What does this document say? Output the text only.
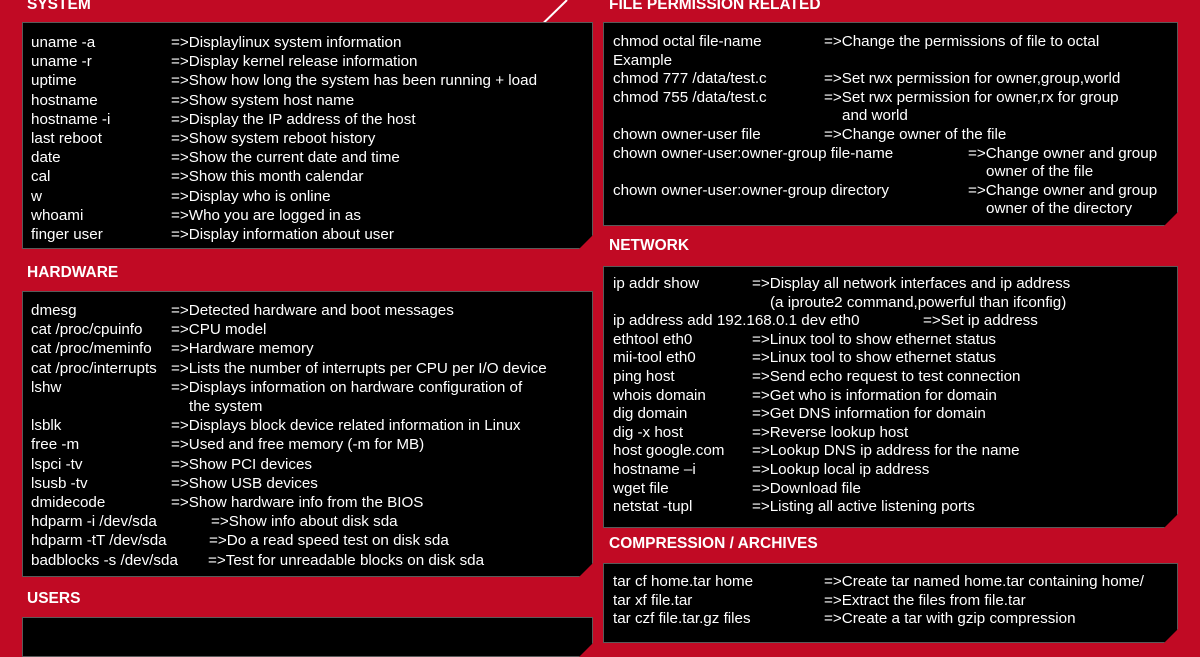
SYSTEM
HARDWARE
USERS
FILE PERMISSION RELATED
NETWORK
COMPRESSION / ARCHIVES
uname -a	=>Displaylinux system information
uname -r	=>Display kernel release information
uptime	=>Show how long the system has been running + load
hostname	=>Show system host name
hostname -i	=>Display the IP address of the host
last reboot	=>Show system reboot history
date	=>Show the current date and time
cal	=>Show this month calendar
w	=>Display who is online
whoami	=>Who you are logged in as
finger user	=>Display information about user
dmesg	=>Detected hardware and boot messages
cat /proc/cpuinfo =>CPU model
cat /proc/meminfo =>Hardware memory
cat /proc/interrupts =>Lists the number of interrupts per CPU per I/O device
lshw	=>Displays information on hardware configuration of
the system
lsblk	=>Displays block device related information in Linux
free -m	=>Used and free memory (-m for MB)
lspci -tv	=>Show PCI devices
lsusb -tv	=>Show USB devices
dmidecode	=>Show hardware info from the BIOS
hdparm -i /dev/sda	=>Show info about disk sda
hdparm -tT /dev/sda	=>Do a read speed test on disk sda
badblocks -s /dev/sda =>Test for unreadable blocks on disk sda
chmod octal file-name	=>Change the permissions of file to octal
Example
chmod 777 /data/test.c	=>Set rwx permission for owner,group,world
chmod 755 /data/test.c	=>Set rwx permission for owner,rx for group
and world
chown owner-user file	=>Change owner of the file
chown owner-user:owner-group file-name	=>Change owner and group
owner of the file
chown owner-user:owner-group directory	=>Change owner and group
owner of the directory
ip addr show	=>Display all network interfaces and ip address
(a iproute2 command,powerful than ifconfig)
ip address add 192.168.0.1 dev eth0	=>Set ip address
ethtool eth0	=>Linux tool to show ethernet status
mii-tool eth0	=>Linux tool to show ethernet status
ping host	=>Send echo request to test connection
whois domain	=>Get who is information for domain
dig domain	=>Get DNS information for domain
dig -x host	=>Reverse lookup host
host google.com =>Lookup DNS ip address for the name
hostname –i	=>Lookup local ip address
wget file	=>Download file
netstat -tupl	=>Listing all active listening ports
tar cf home.tar home	=>Create tar named home.tar containing home/
tar xf file.tar	=>Extract the files from file.tar
tar czf file.tar.gz files	=>Create a tar with gzip compression
